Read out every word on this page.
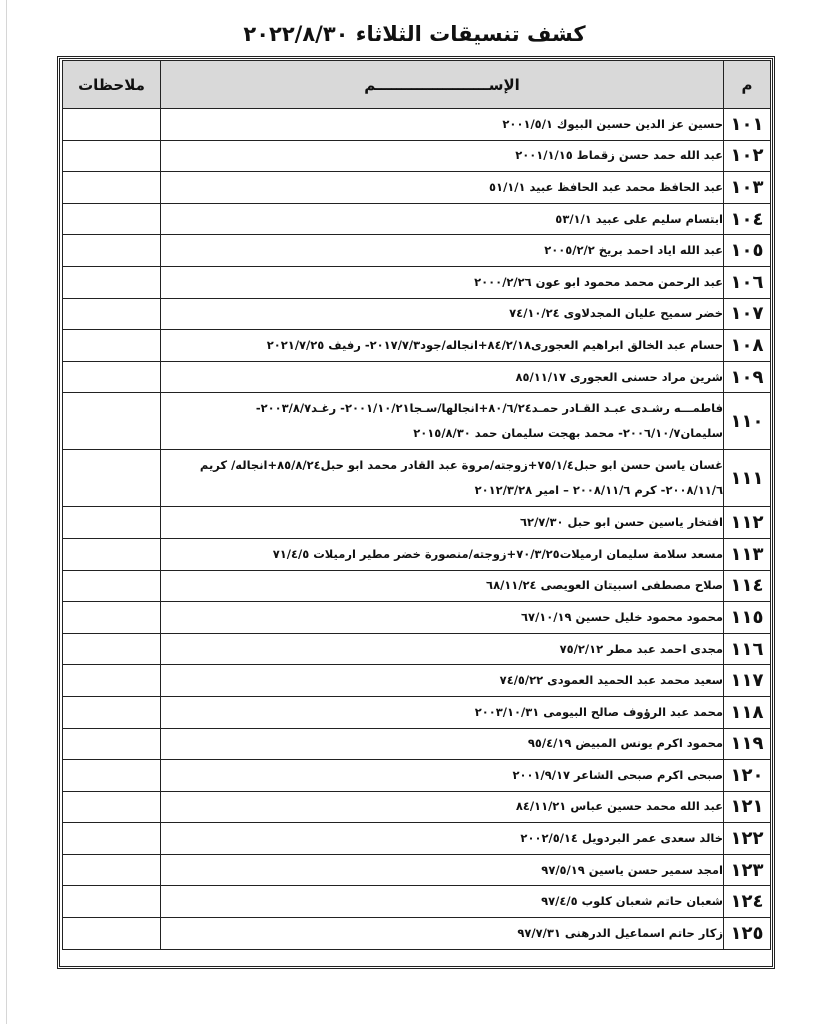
كشف تنسيقات الثلاثاء ٢٠٢٢/٨/٣٠
م	الإســــــــــــــــــــــم	ملاحظات
١٠١	حسين عز الدين حسين البيوك ٢٠٠١/٥/١	
١٠٢	عبد الله حمد حسن زقماط ٢٠٠١/١/١٥	
١٠٣	عبد الحافظ محمد عبد الحافظ عبيد ٥١/١/١	
١٠٤	ابتسام سليم على عبيد ٥٣/١/١	
١٠٥	عبد الله اياد احمد بريخ ٢٠٠٥/٢/٢	
١٠٦	عبد الرحمن محمد محمود ابو عون ٢٠٠٠/٢/٢٦	
١٠٧	خضر سميح عليان المجدلاوى ٧٤/١٠/٢٤	
١٠٨	حسام عبد الخالق ابراهيم العجورى٨٤/٢/١٨+انجاله/جود٢٠١٧/٧/٣- رفيف ٢٠٢١/٧/٢٥	
١٠٩	شرين مراد حسنى العجورى ٨٥/١١/١٧	
١١٠	فاطمـــه رشـدى عبـد القـادر حمـد٨٠/٦/٢٤+انجالها/سـجا٢٠٠١/١٠/٢١- رغـد٢٠٠٣/٨/٧-
سليمان٢٠٠٦/١٠/٧- محمد بهجت سليمان حمد ٢٠١٥/٨/٣٠	
١١١	غسان ياسن حسن ابو حبل٧٥/١/٤+زوجته/مروة عبد القادر محمد ابو حبل٨٥/٨/٢٤+انجاله/ كريم
٢٠٠٨/١١/٦- كرم ٢٠٠٨/١١/٦ – امير ٢٠١٢/٣/٢٨	
١١٢	افتخار ياسين حسن ابو حبل ٦٢/٧/٣٠	
١١٣	مسعد سلامة سليمان ارميلات٧٠/٣/٢٥+زوجته/منصورة خضر مطير ارميلات ٧١/٤/٥	
١١٤	صلاح مصطفى اسبيتان العويصى ٦٨/١١/٢٤	
١١٥	محمود محمود خليل حسين ٦٧/١٠/١٩	
١١٦	مجدى احمد عبد مطر ٧٥/٢/١٢	
١١٧	سعيد محمد عبد الحميد العمودى ٧٤/٥/٢٢	
١١٨	محمد عبد الرؤوف صالح البيومى ٢٠٠٣/١٠/٣١	
١١٩	محمود اكرم يونس المبيض ٩٥/٤/١٩	
١٢٠	صبحى اكرم صبحى الشاعر ٢٠٠١/٩/١٧	
١٢١	عبد الله محمد حسين عباس ٨٤/١١/٢١	
١٢٢	خالد سعدى عمر البردويل ٢٠٠٢/٥/١٤	
١٢٣	امجد سمير حسن ياسين ٩٧/٥/١٩	
١٢٤	شعبان حاتم شعبان كلوب ٩٧/٤/٥	
١٢٥	زكار حاتم اسماعيل الدرهنى ٩٧/٧/٣١	
